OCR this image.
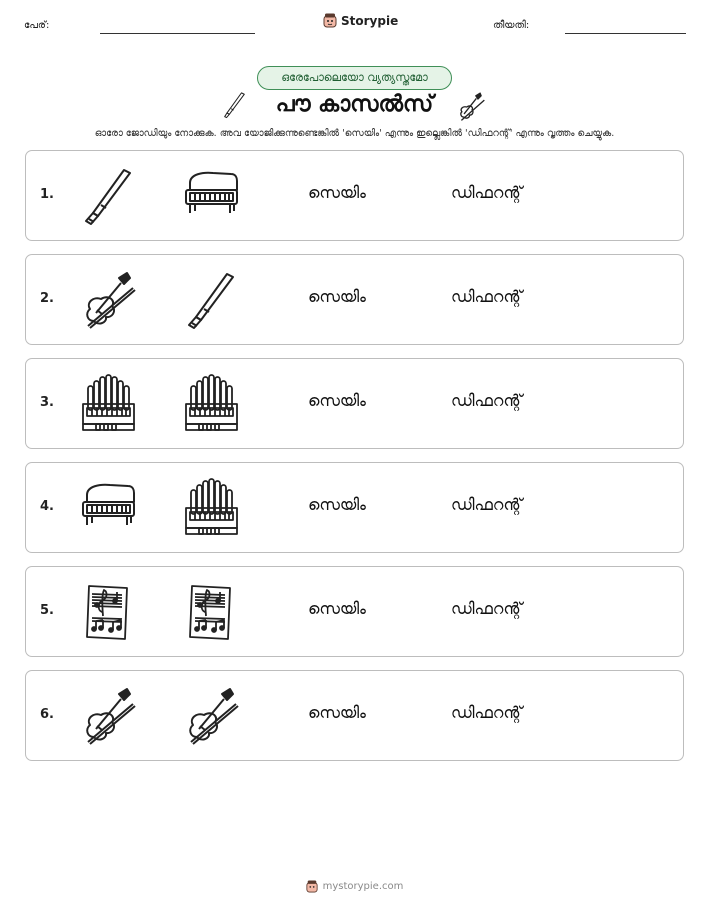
പേര്:	Storypie	തീയതി:
ഒരേപോലെയോ വ്യത്യസ്തമോ
പൗ കാസൽസ്
ഓരോ ജോഡിയും നോക്കുക. അവ യോജിക്കുന്നുണ്ടെങ്കിൽ 'സെയിം' എന്നും ഇല്ലെങ്കിൽ 'ഡിഫറന്റ്' എന്നും വൃത്തം ചെയ്യുക.
1.	സെയിം	ഡിഫറന്റ്
2.	സെയിം	ഡിഫറന്റ്
3.	സെയിം	ഡിഫറന്റ്
4.	സെയിം	ഡിഫറന്റ്
5.	സെയിം	ഡിഫറന്റ്
6.	സെയിം	ഡിഫറന്റ്
mystorypie.com
